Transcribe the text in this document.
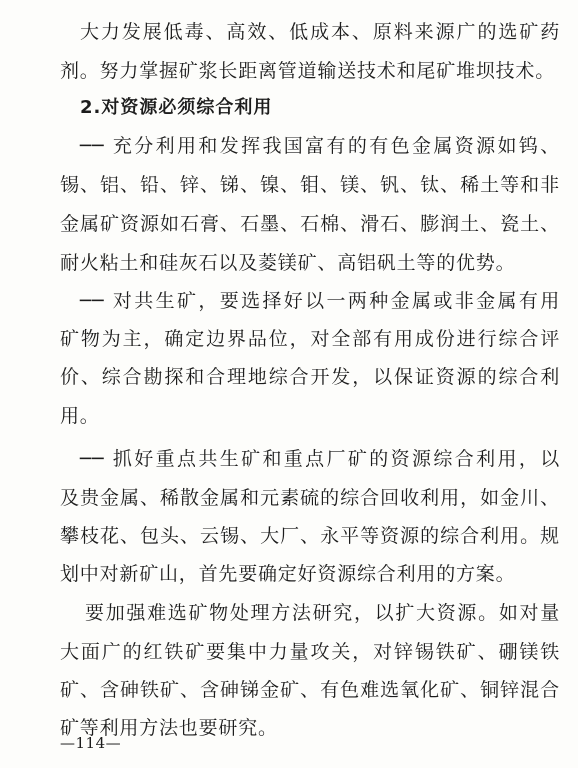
大力发展低毒、高效、低成本、原料来源广的选矿药
剂。努力掌握矿浆长距离管道输送技术和尾矿堆坝技术。
2.对资源必须综合利用
── 充分利用和发挥我国富有的有色金属资源如钨、
锡、铝、铅、锌、锑、镍、钼、镁、钒、钛、稀土等和非
金属矿资源如石膏、石墨、石棉、滑石、膨润土、瓷土、
耐火粘土和硅灰石以及菱镁矿、高铝矾土等的优势。
── 对共生矿，要选择好以一两种金属或非金属有用
矿物为主，确定边界品位，对全部有用成份进行综合评
价、综合勘探和合理地综合开发，以保证资源的综合利
用。
── 抓好重点共生矿和重点厂矿的资源综合利用，以
及贵金属、稀散金属和元素硫的综合回收利用，如金川、
攀枝花、包头、云锡、大厂、永平等资源的综合利用。规
划中对新矿山，首先要确定好资源综合利用的方案。
要加强难选矿物处理方法研究，以扩大资源。如对量
大面广的红铁矿要集中力量攻关，对锌锡铁矿、硼镁铁
矿、含砷铁矿、含砷锑金矿、有色难选氧化矿、铜锌混合
矿等利用方法也要研究。
—114—
